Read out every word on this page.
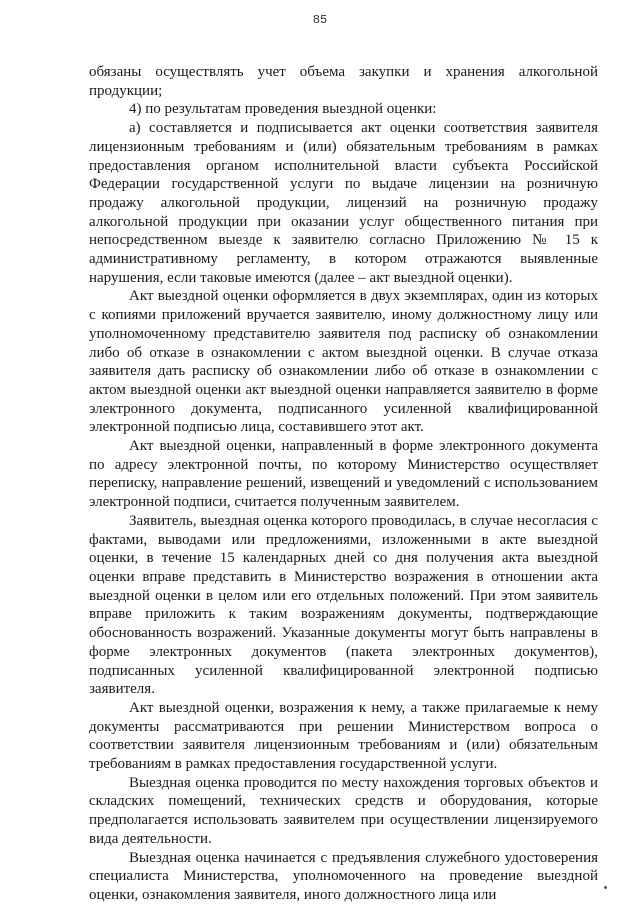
85

обязаны осуществлять учет объема закупки и хранения алкогольной продукции;

4) по результатам проведения выездной оценки:

а) составляется и подписывается акт оценки соответствия заявителя лицензионным требованиям и (или) обязательным требованиям в рамках предоставления органом исполнительной власти субъекта Российской Федерации государственной услуги по выдаче лицензии на розничную продажу алкогольной продукции, лицензий на розничную продажу алкогольной продукции при оказании услуг общественного питания при непосредственном выезде к заявителю согласно Приложению № 15 к административному регламенту, в котором отражаются выявленные нарушения, если таковые имеются (далее – акт выездной оценки).

Акт выездной оценки оформляется в двух экземплярах, один из которых с копиями приложений вручается заявителю, иному должностному лицу или уполномоченному представителю заявителя под расписку об ознакомлении либо об отказе в ознакомлении с актом выездной оценки. В случае отказа заявителя дать расписку об ознакомлении либо об отказе в ознакомлении с актом выездной оценки акт выездной оценки направляется заявителю в форме электронного документа, подписанного усиленной квалифицированной электронной подписью лица, составившего этот акт.

Акт выездной оценки, направленный в форме электронного документа по адресу электронной почты, по которому Министерство осуществляет переписку, направление решений, извещений и уведомлений с использованием электронной подписи, считается полученным заявителем.

Заявитель, выездная оценка которого проводилась, в случае несогласия с фактами, выводами или предложениями, изложенными в акте выездной оценки, в течение 15 календарных дней со дня получения акта выездной оценки вправе представить в Министерство возражения в отношении акта выездной оценки в целом или его отдельных положений. При этом заявитель вправе приложить к таким возражениям документы, подтверждающие обоснованность возражений. Указанные документы могут быть направлены в форме электронных документов (пакета электронных документов), подписанных усиленной квалифицированной электронной подписью заявителя.

Акт выездной оценки, возражения к нему, а также прилагаемые к нему документы рассматриваются при решении Министерством вопроса о соответствии заявителя лицензионным требованиям и (или) обязательным требованиям в рамках предоставления государственной услуги.

Выездная оценка проводится по месту нахождения торговых объектов и складских помещений, технических средств и оборудования, которые предполагается использовать заявителем при осуществлении лицензируемого вида деятельности.

Выездная оценка начинается с предъявления служебного удостоверения специалиста Министерства, уполномоченного на проведение выездной оценки, ознакомления заявителя, иного должностного лица или
